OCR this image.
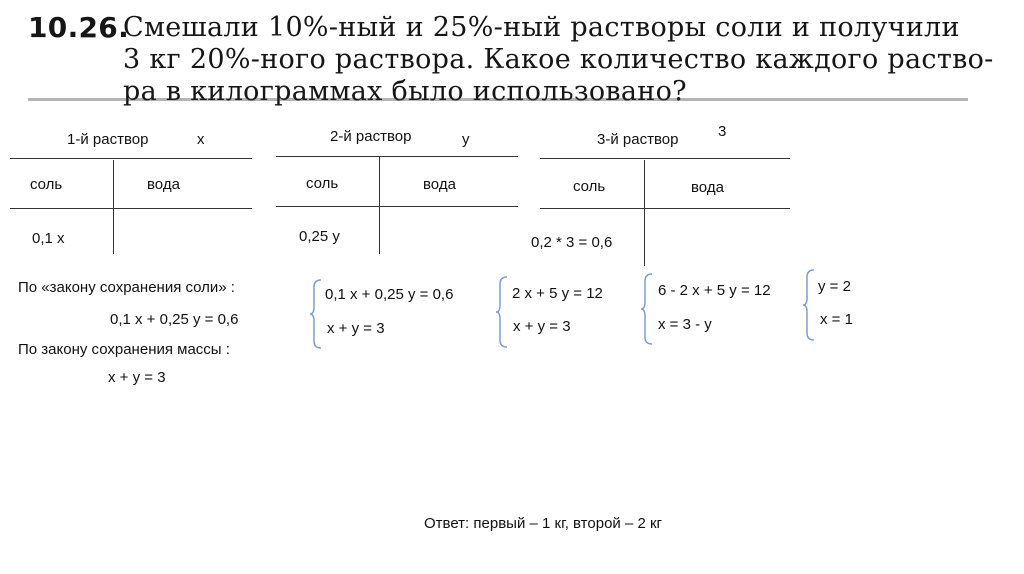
10.26.
Смешали 10%-ный и 25%-ный растворы соли и получили
3 кг 20%-ного раствора. Какое количество каждого раство-
ра в килограммах было использовано?
1-й раствор	x
соль	вода
0,1 x
2-й раствор	y
соль	вода
0,25 y
3-й раствор	3
соль	вода
0,2 * 3 = 0,6
По «закону сохранения соли» :
0,1 x + 0,25 y = 0,6
По закону сохранения массы :
x + y = 3
0,1 x + 0,25 y = 0,6
x + y = 3
2 x + 5 y = 12
x + y = 3
6 - 2 x + 5 y = 12
x = 3 - y
y = 2
x = 1
Ответ: первый – 1 кг, второй – 2 кг
